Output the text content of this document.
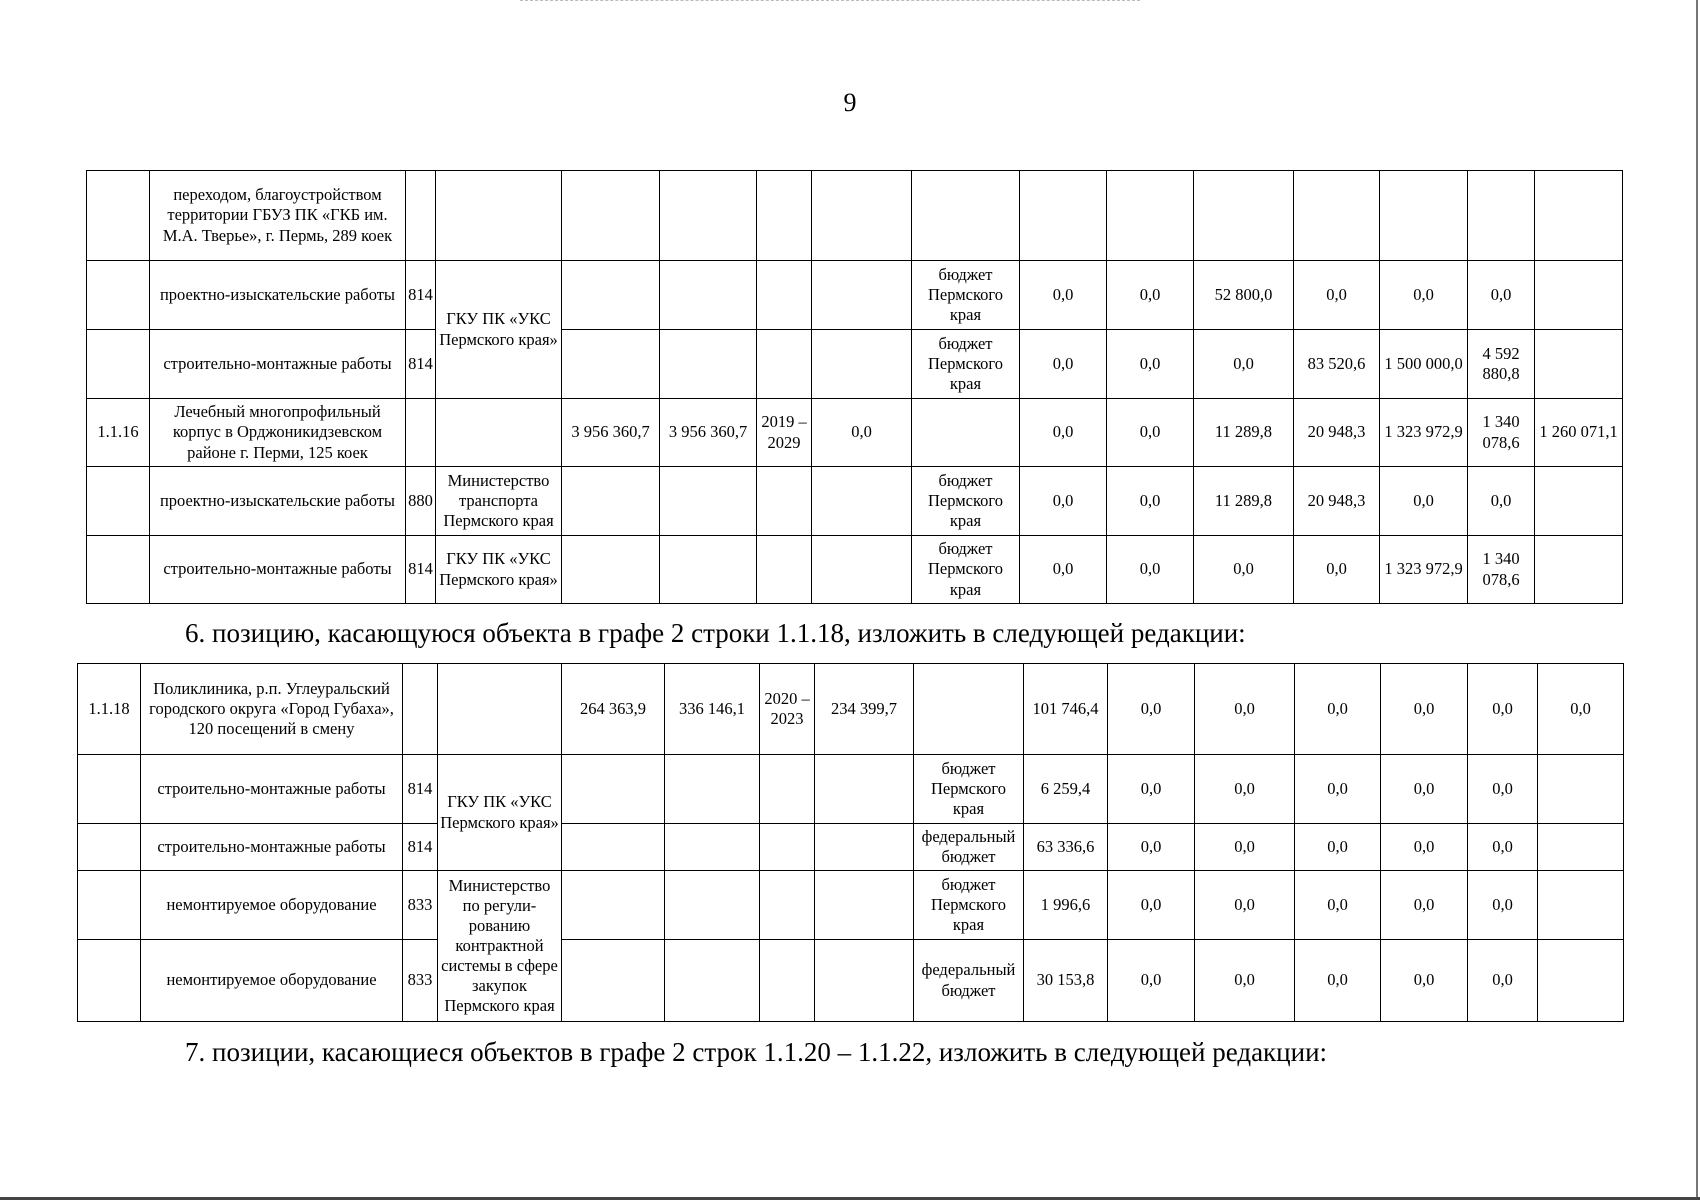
9
	переходом, благоустройством территории ГБУЗ ПК «ГКБ им. М.А. Тверье», г. Пермь, 289 коек														
	проектно-изыскательские работы	814	ГКУ ПК «УКС Пермского края»					бюджет Пермского края	0,0	0,0	52 800,0	0,0	0,0	0,0	
	строительно-монтажные работы	814						бюджет Пермского края	0,0	0,0	0,0	83 520,6	1 500 000,0	4 592 880,8	
1.1.16	Лечебный многопрофильный корпус в Орджоникидзевском районе г. Перми, 125 коек			3 956 360,7	3 956 360,7	2019 – 2029	0,0		0,0	0,0	11 289,8	20 948,3	1 323 972,9	1 340 078,6	1 260 071,1
	проектно-изыскательские работы	880	Министерство транспорта Пермского края					бюджет Пермского края	0,0	0,0	11 289,8	20 948,3	0,0	0,0	
	строительно-монтажные работы	814	ГКУ ПК «УКС Пермского края»					бюджет Пермского края	0,0	0,0	0,0	0,0	1 323 972,9	1 340 078,6	
6. позицию, касающуюся объекта в графе 2 строки 1.1.18, изложить в следующей редакции:
1.1.18	Поликлиника, р.п. Углеуральский городского округа «Город Губаха», 120 посещений в смену			264 363,9	336 146,1	2020 – 2023	234 399,7		101 746,4	0,0	0,0	0,0	0,0	0,0	0,0
	строительно-монтажные работы	814	ГКУ ПК «УКС Пермского края»					бюджет Пермского края	6 259,4	0,0	0,0	0,0	0,0	0,0	
	строительно-монтажные работы	814						федеральный бюджет	63 336,6	0,0	0,0	0,0	0,0	0,0	
	немонтируемое оборудование	833	Министерство по регули-рованию контрактной системы в сфере закупок Пермского края					бюджет Пермского края	1 996,6	0,0	0,0	0,0	0,0	0,0	
	немонтируемое оборудование	833						федеральный бюджет	30 153,8	0,0	0,0	0,0	0,0	0,0	
7. позиции, касающиеся объектов в графе 2 строк 1.1.20 – 1.1.22, изложить в следующей редакции:
